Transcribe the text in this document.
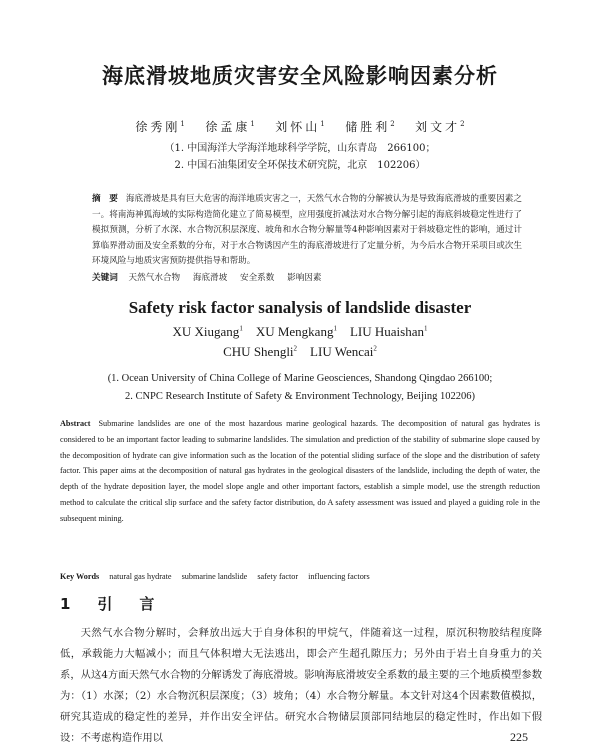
海底滑坡地质灾害安全风险影响因素分析
徐秀刚$^1$ 徐孟康$^1$ 刘怀山$^1$ 储胜利$^2$ 刘文才$^2$
（1. 中国海洋大学海洋地球科学学院，山东青岛　266100；
2. 中国石油集团安全环保技术研究院，北京　102206）
摘　要 海底滑坡是具有巨大危害的海洋地质灾害之一，天然气水合物的分解被认为是导致海底滑坡的重要因素之一。将南海神狐海域的实际构造简化建立了简易模型，应用强度折减法对水合物分解引起的海底斜坡稳定性进行了模拟预测，分析了水深、水合物沉积层深度、坡角和水合物分解量等4种影响因素对于斜坡稳定性的影响，通过计算临界滑动面及安全系数的分布，对于水合物诱因产生的海底滑坡进行了定量分析，为今后水合物开采项目或次生环境风险与地质灾害预防提供指导和帮助。
关键词 天然气水合物 海底滑坡 安全系数 影响因素
Safety risk factor sanalysis of landslide disaster
XU Xiugang$^1$ XU Mengkang$^1$ LIU Huaishan$^1$
CHU Shengli$^2$ LIU Wencai$^2$
(1. Ocean University of China College of Marine Geosciences, Shandong Qingdao 266100;
2. CNPC Research Institute of Safety & Environment Technology, Beijing 102206)
Abstract Submarine landslides are one of the most hazardous marine geological hazards. The decomposition of natural gas hydrates is considered to be an important factor leading to submarine landslides. The simulation and prediction of the stability of submarine slope caused by the decomposition of hydrate can give information such as the location of the potential sliding surface of the slope and the distribution of safety factor. This paper aims at the decomposition of natural gas hydrates in the geological disasters of the landslide, including the depth of water, the depth of the hydrate deposition layer, the model slope angle and other important factors, establish a simple model, use the strength reduction method to calculate the critical slip surface and the safety factor distribution, do A safety assessment was issued and played a guiding role in the subsequent mining.
Key Words natural gas hydrate submarine landslide safety factor influencing factors
1　引　言
天然气水合物分解时，会释放出远大于自身体积的甲烷气，伴随着这一过程，原沉积物胶结程度降低，承载能力大幅减小；而且气体积增大无法逃出，即会产生超孔隙压力；另外由于岩土自身重力的关系，从这4方面天然气水合物的分解诱发了海底滑坡。影响海底滑坡安全系数的最主要的三个地质模型参数为：（1）水深；（2）水合物沉积层深度；（3）坡角；（4）水合物分解量。本文针对这4个因素数值模拟，研究其造成的稳定性的差异，并作出安全评估。研究水合物储层顶部同结地层的稳定性时，作出如下假设：不考虑构造作用以	225
